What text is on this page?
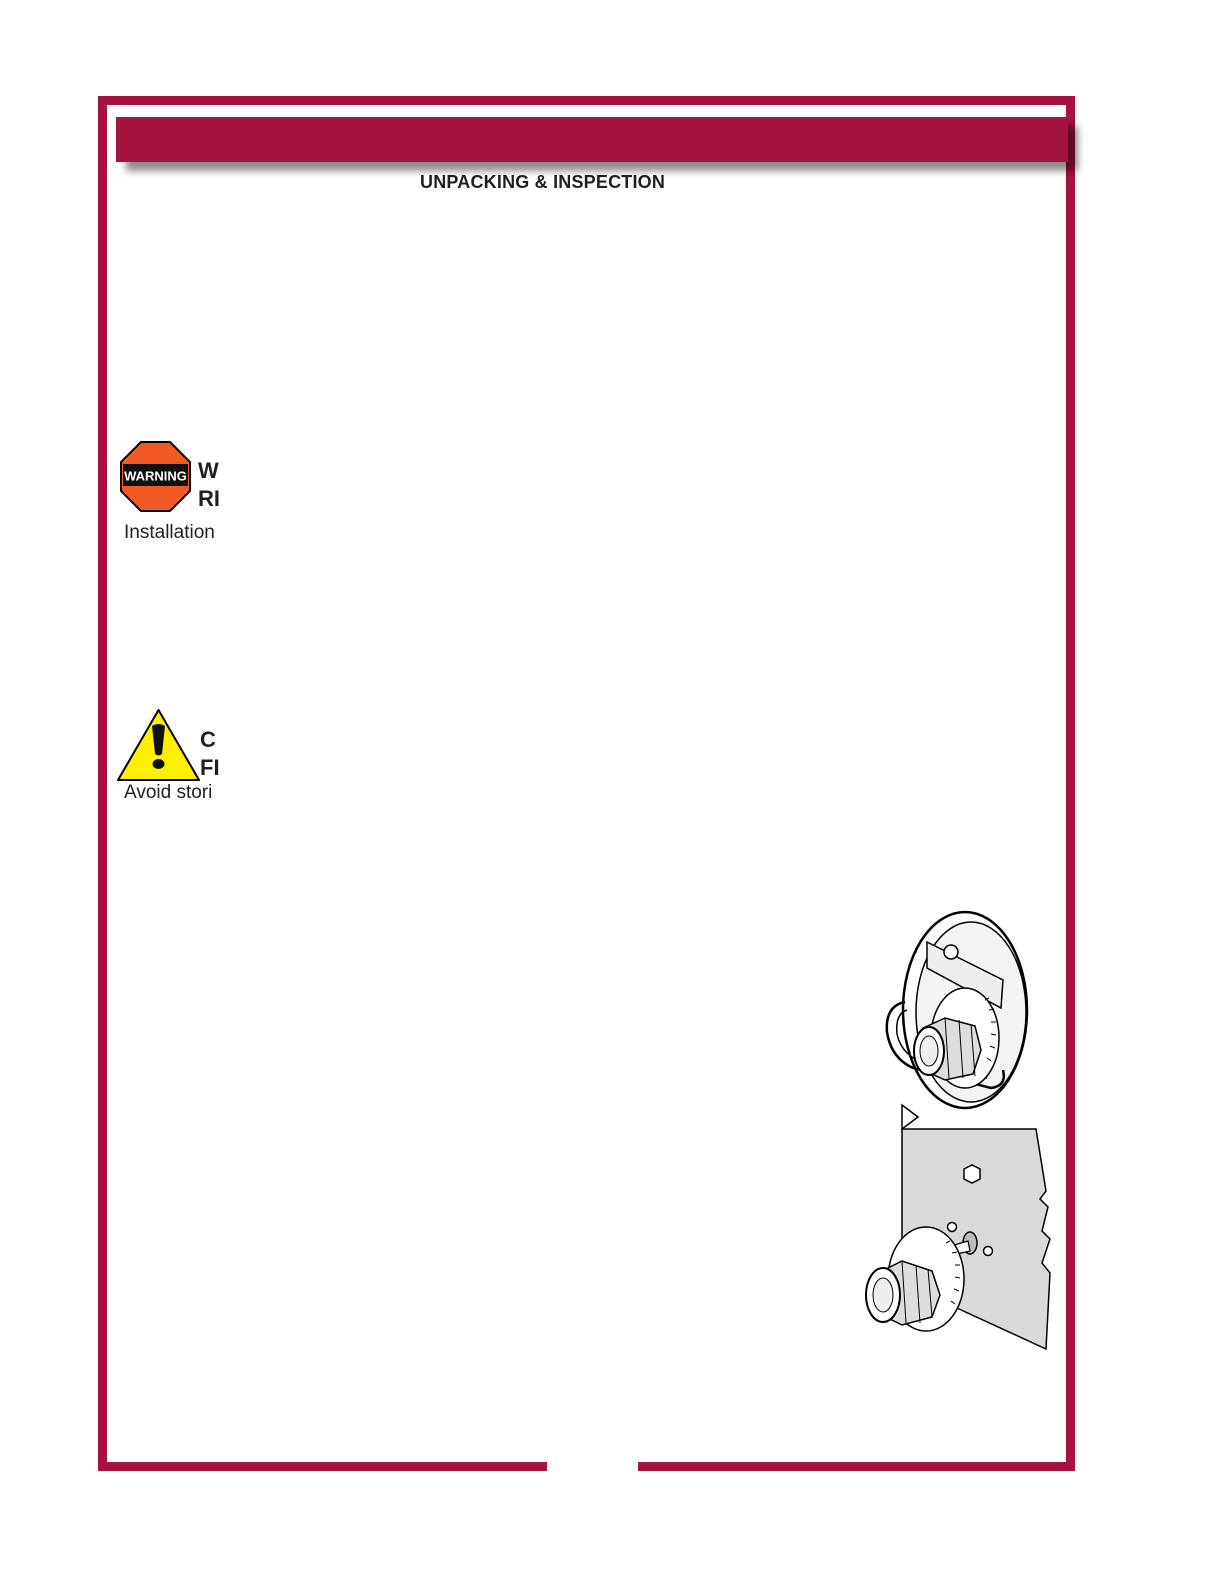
UNPACKING & INSPECTION
WARNING W
RI
Installation
C
FI
Avoid stori
